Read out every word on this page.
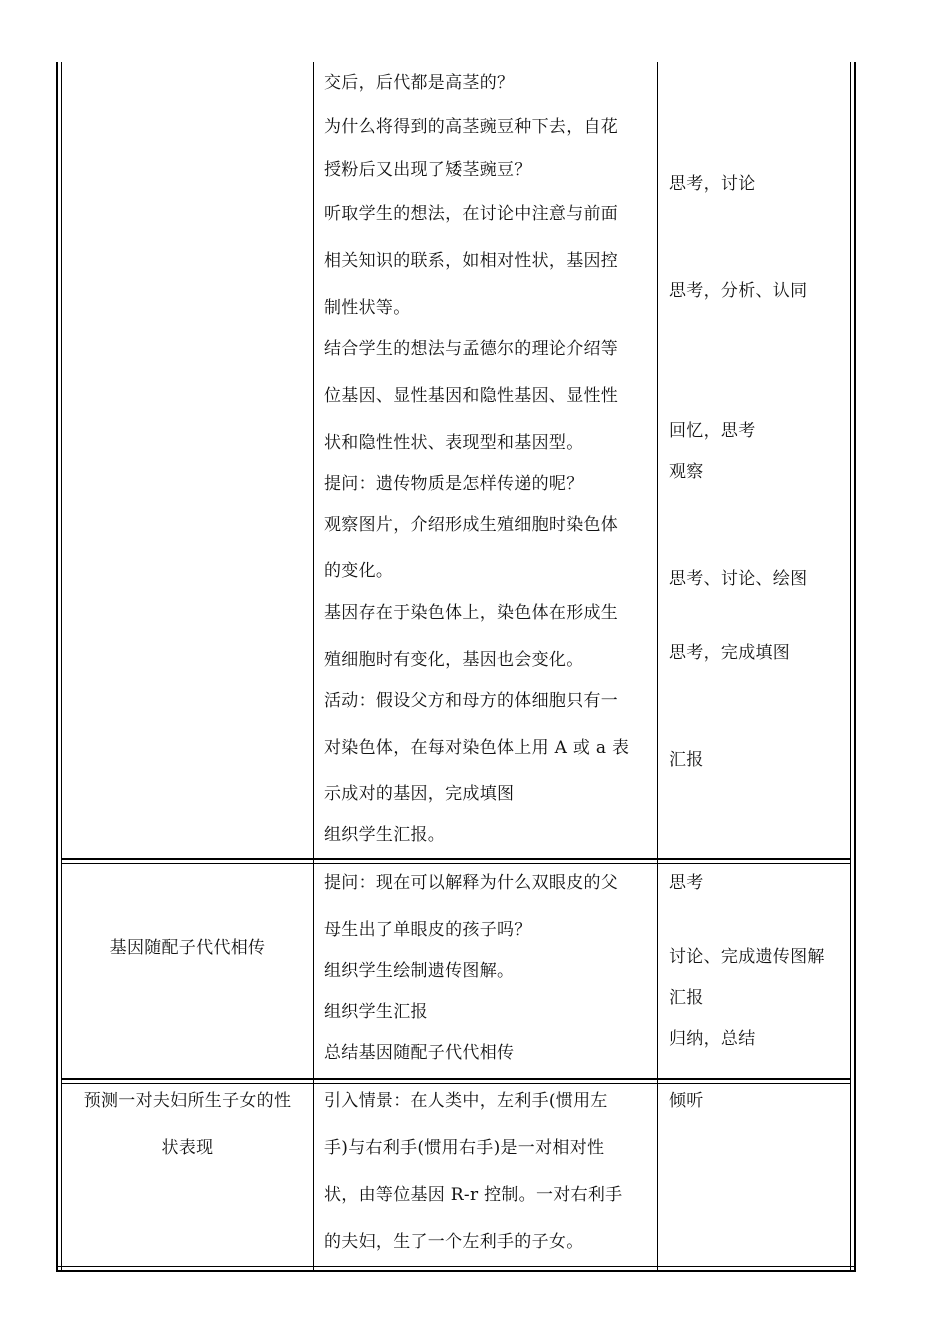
交后，后代都是高茎的？
为什么将得到的高茎豌豆种下去，自花
授粉后又出现了矮茎豌豆？
听取学生的想法，在讨论中注意与前面
相关知识的联系，如相对性状，基因控
制性状等。
结合学生的想法与孟德尔的理论介绍等
位基因、显性基因和隐性基因、显性性
状和隐性性状、表现型和基因型。
提问：遗传物质是怎样传递的呢？
观察图片，介绍形成生殖细胞时染色体
的变化。
基因存在于染色体上，染色体在形成生
殖细胞时有变化，基因也会变化。
活动：假设父方和母方的体细胞只有一
对染色体，在每对染色体上用 A 或 a 表
示成对的基因，完成填图
组织学生汇报。
思考，讨论
思考，分析、认同
回忆，思考
观察
思考、讨论、绘图
思考，完成填图
汇报
基因随配子代代相传
提问：现在可以解释为什么双眼皮的父
母生出了单眼皮的孩子吗？
组织学生绘制遗传图解。
组织学生汇报
总结基因随配子代代相传
思考
讨论、完成遗传图解
汇报
归纳，总结
预测一对夫妇所生子女的性
状表现
引入情景：在人类中，左利手(惯用左
手)与右利手(惯用右手)是一对相对性
状，由等位基因 R-r 控制。一对右利手
的夫妇，生了一个左利手的子女。
倾听
